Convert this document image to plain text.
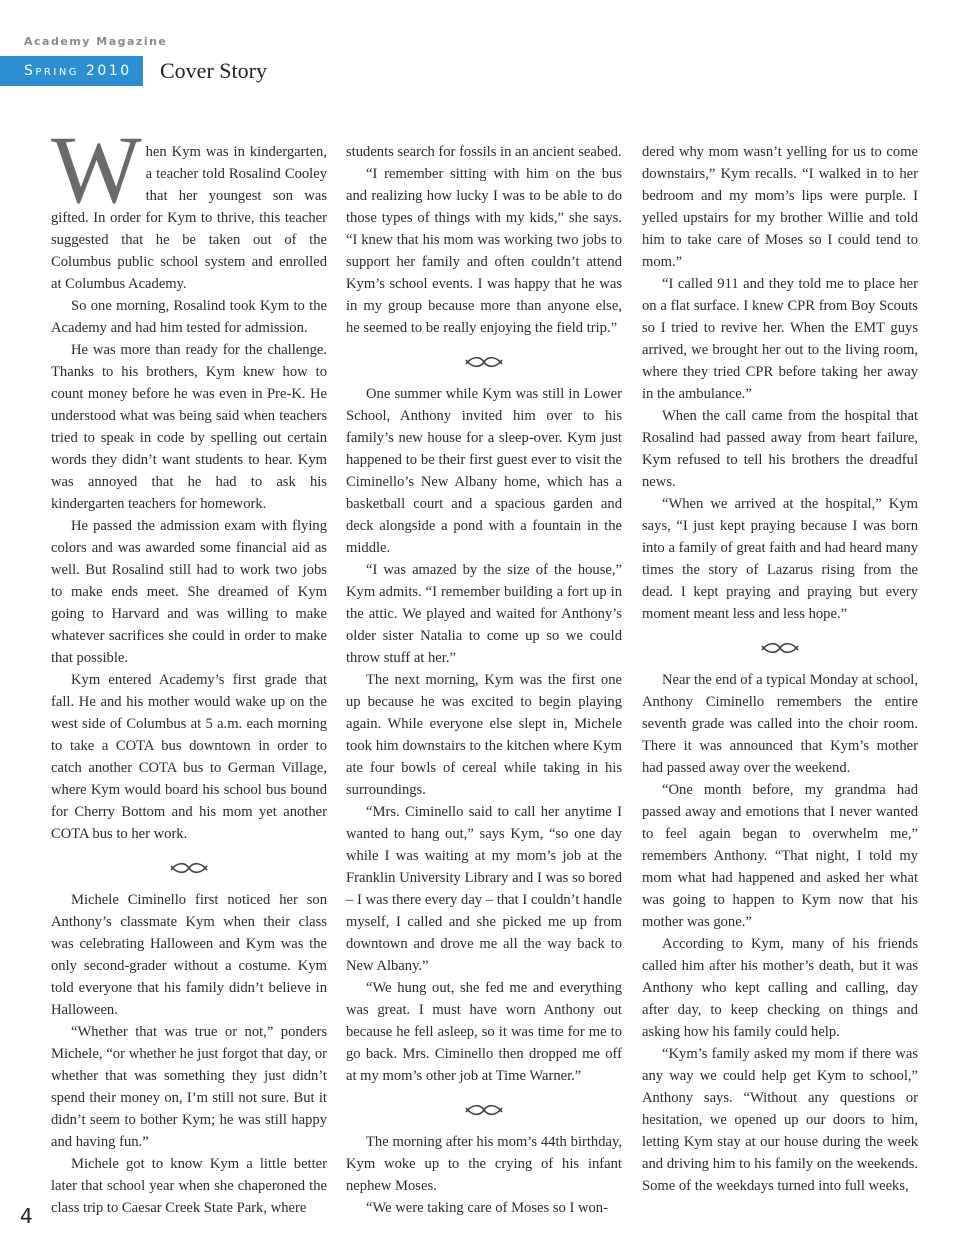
Academy Magazine
Spring 2010	Cover Story

When Kym was in kindergarten, a teacher told Rosalind Cooley that her youngest son was gifted. In order for Kym to thrive, this teacher suggested that he be taken out of the Columbus public school system and enrolled at Columbus Academy.

So one morning, Rosalind took Kym to the Academy and had him tested for admission.

He was more than ready for the challenge. Thanks to his brothers, Kym knew how to count money before he was even in Pre-K. He understood what was being said when teachers tried to speak in code by spelling out certain words they didn’t want students to hear. Kym was annoyed that he had to ask his kindergarten teachers for homework.

He passed the admission exam with flying colors and was awarded some financial aid as well. But Rosalind still had to work two jobs to make ends meet. She dreamed of Kym going to Harvard and was willing to make whatever sacrifices she could in order to make that possible.

Kym entered Academy’s first grade that fall. He and his mother would wake up on the west side of Columbus at 5 a.m. each morning to take a COTA bus downtown in order to catch another COTA bus to German Village, where Kym would board his school bus bound for Cherry Bottom and his mom yet another COTA bus to her work.

Michele Ciminello first noticed her son Anthony’s classmate Kym when their class was celebrating Halloween and Kym was the only second-grader without a costume. Kym told everyone that his family didn’t believe in Halloween.

“Whether that was true or not,” ponders Michele, “or whether he just forgot that day, or whether that was something they just didn’t spend their money on, I’m still not sure. But it didn’t seem to bother Kym; he was still happy and having fun.”

Michele got to know Kym a little better later that school year when she chaperoned the class trip to Caesar Creek State Park, where

students search for fossils in an ancient seabed.

“I remember sitting with him on the bus and realizing how lucky I was to be able to do those types of things with my kids,” she says. “I knew that his mom was working two jobs to support her family and often couldn’t attend Kym’s school events. I was happy that he was in my group because more than anyone else, he seemed to be really enjoying the field trip.”

One summer while Kym was still in Lower School, Anthony invited him over to his family’s new house for a sleep-over. Kym just happened to be their first guest ever to visit the Ciminello’s New Albany home, which has a basketball court and a spacious garden and deck alongside a pond with a fountain in the middle.

“I was amazed by the size of the house,” Kym admits. “I remember building a fort up in the attic. We played and waited for Anthony’s older sister Natalia to come up so we could throw stuff at her.”

The next morning, Kym was the first one up because he was excited to begin playing again. While everyone else slept in, Michele took him downstairs to the kitchen where Kym ate four bowls of cereal while taking in his surroundings.

“Mrs. Ciminello said to call her anytime I wanted to hang out,” says Kym, “so one day while I was waiting at my mom’s job at the Franklin University Library and I was so bored – I was there every day – that I couldn’t handle myself, I called and she picked me up from downtown and drove me all the way back to New Albany.”

“We hung out, she fed me and everything was great. I must have worn Anthony out because he fell asleep, so it was time for me to go back. Mrs. Ciminello then dropped me off at my mom’s other job at Time Warner.”

The morning after his mom’s 44th birthday, Kym woke up to the crying of his infant nephew Moses.

“We were taking care of Moses so I won-

dered why mom wasn’t yelling for us to come downstairs,” Kym recalls. “I walked in to her bedroom and my mom’s lips were purple. I yelled upstairs for my brother Willie and told him to take care of Moses so I could tend to mom.”

“I called 911 and they told me to place her on a flat surface. I knew CPR from Boy Scouts so I tried to revive her. When the EMT guys arrived, we brought her out to the living room, where they tried CPR before taking her away in the ambulance.”

When the call came from the hospital that Rosalind had passed away from heart failure, Kym refused to tell his brothers the dreadful news.

“When we arrived at the hospital,” Kym says, “I just kept praying because I was born into a family of great faith and had heard many times the story of Lazarus rising from the dead. I kept praying and praying but every moment meant less and less hope.”

Near the end of a typical Monday at school, Anthony Ciminello remembers the entire seventh grade was called into the choir room. There it was announced that Kym’s mother had passed away over the weekend.

“One month before, my grandma had passed away and emotions that I never wanted to feel again began to overwhelm me,” remembers Anthony. “That night, I told my mom what had happened and asked her what was going to happen to Kym now that his mother was gone.”

According to Kym, many of his friends called him after his mother’s death, but it was Anthony who kept calling and calling, day after day, to keep checking on things and asking how his family could help.

“Kym’s family asked my mom if there was any way we could help get Kym to school,” Anthony says. “Without any questions or hesitation, we opened up our doors to him, letting Kym stay at our house during the week and driving him to his family on the weekends. Some of the weekdays turned into full weeks,

4
